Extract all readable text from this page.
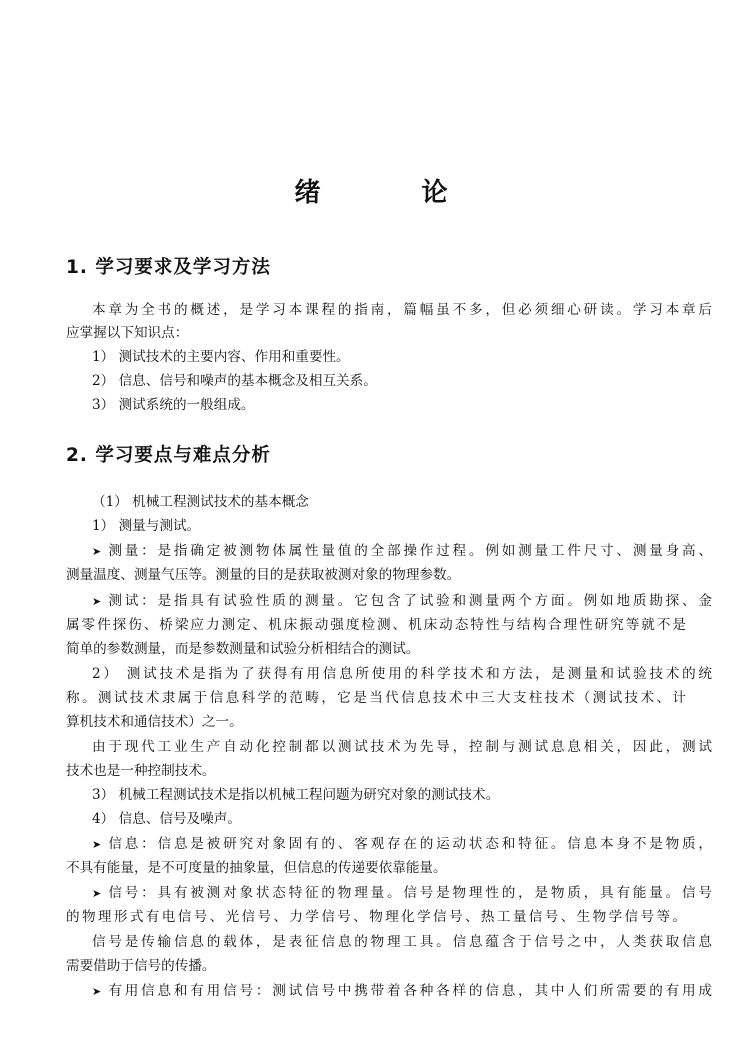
绪 论
1. 学习要求及学习方法
本章为全书的概述，是学习本课程的指南，篇幅虽不多，但必须细心研读。学习本章后
应掌握以下知识点：
1） 测试技术的主要内容、作用和重要性。
2） 信息、信号和噪声的基本概念及相互关系。
3） 测试系统的一般组成。
2. 学习要点与难点分析
（1） 机械工程测试技术的基本概念
1） 测量与测试。
➤ 测量：是指确定被测物体属性量值的全部操作过程。例如测量工件尺寸、测量身高、
测量温度、测量气压等。测量的目的是获取被测对象的物理参数。
➤ 测试：是指具有试验性质的测量。它包含了试验和测量两个方面。例如地质勘探、金
属零件探伤、桥梁应力测定、机床振动强度检测、机床动态特性与结构合理性研究等就不是
简单的参数测量，而是参数测量和试验分析相结合的测试。
2） 测试技术是指为了获得有用信息所使用的科学技术和方法，是测量和试验技术的统
称。测试技术隶属于信息科学的范畴，它是当代信息技术中三大支柱技术（测试技术、计
算机技术和通信技术）之一。
由于现代工业生产自动化控制都以测试技术为先导，控制与测试息息相关，因此，测试
技术也是一种控制技术。
3） 机械工程测试技术是指以机械工程问题为研究对象的测试技术。
4） 信息、信号及噪声。
➤ 信息：信息是被研究对象固有的、客观存在的运动状态和特征。信息本身不是物质，
不具有能量，是不可度量的抽象量，但信息的传递要依靠能量。
➤ 信号：具有被测对象状态特征的物理量。信号是物理性的，是物质，具有能量。信号
的物理形式有电信号、光信号、力学信号、物理化学信号、热工量信号、生物学信号等。
信号是传输信息的载体，是表征信息的物理工具。信息蕴含于信号之中，人类获取信息
需要借助于信号的传播。
➤ 有用信息和有用信号：测试信号中携带着各种各样的信息，其中人们所需要的有用成
